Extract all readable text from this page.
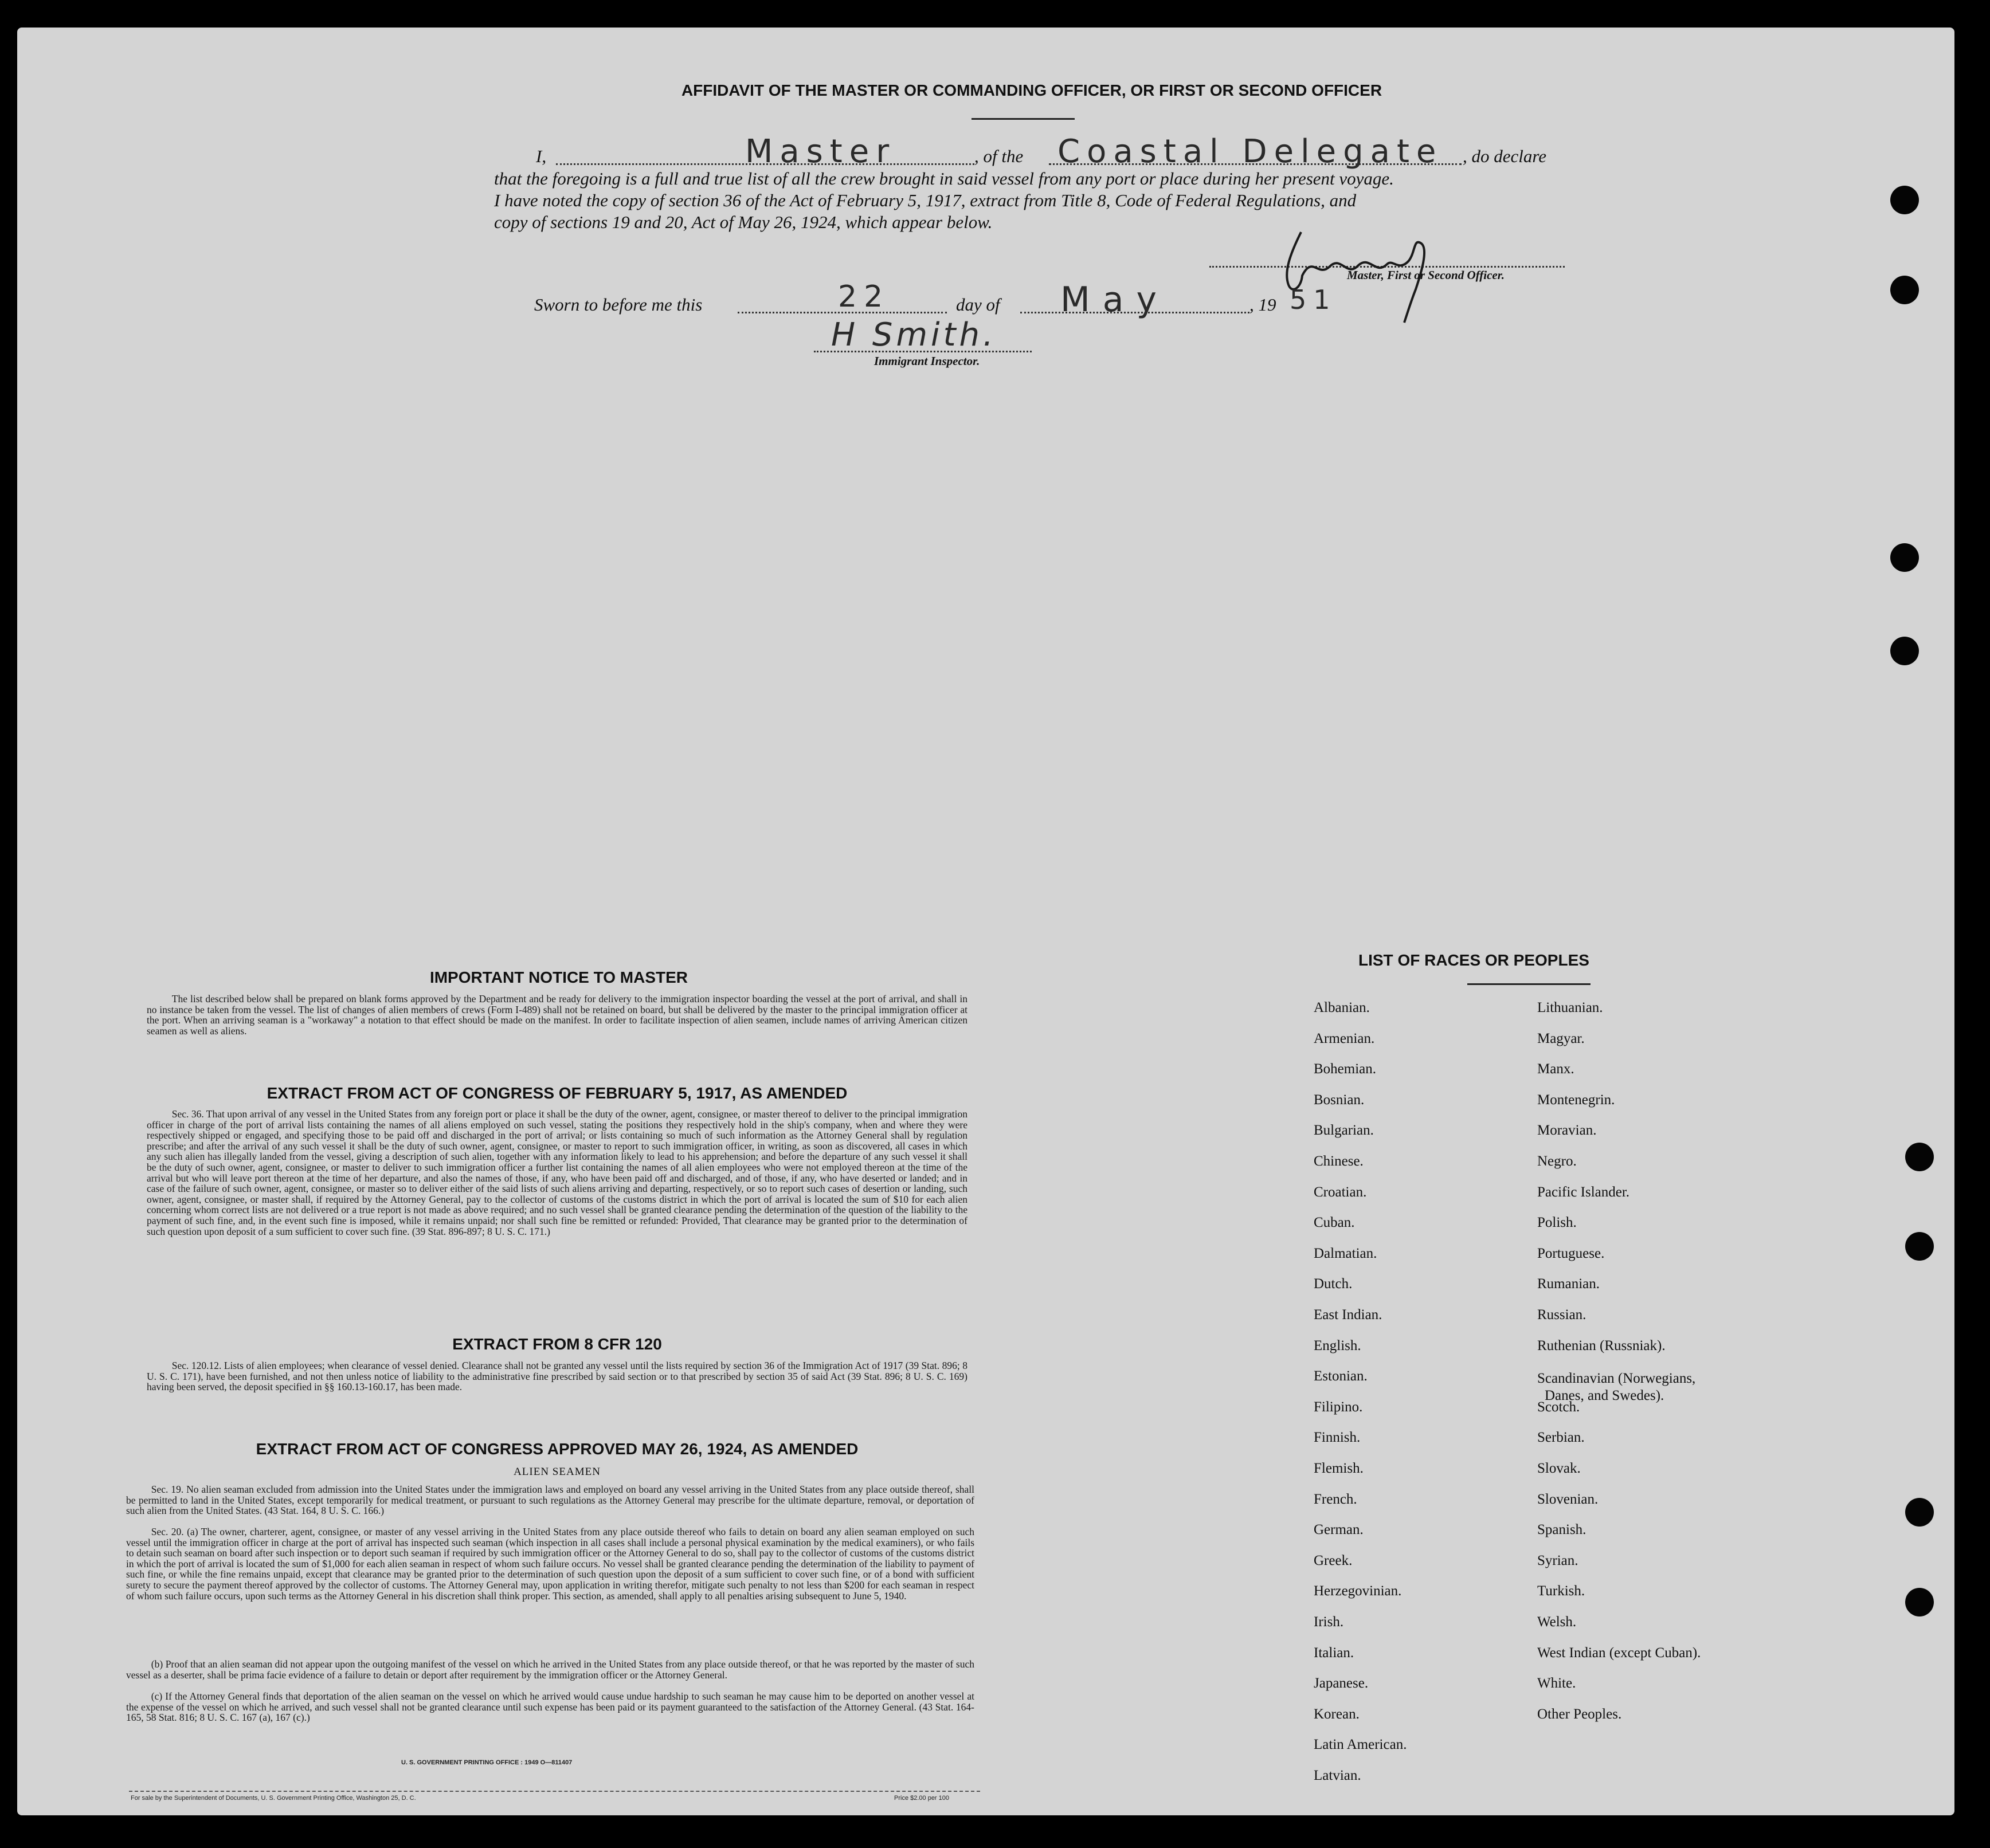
AFFIDAVIT OF THE MASTER OR COMMANDING OFFICER, OR FIRST OR SECOND OFFICER
I,	Master	, of the Coastal Delegate , do declare
that the foregoing is a full and true list of all the crew brought in said vessel from any port or place during her present voyage.
I have noted the copy of section 36 of the Act of February 5, 1917, extract from Title 8, Code of Federal Regulations, and
copy of sections 19 and 20, Act of May 26, 1924, which appear below.
Master, First or Second Officer.
Sworn to before me this	22	day of May	, 19 51
H Smith.
Immigrant Inspector.
IMPORTANT NOTICE TO MASTER
The list described below shall be prepared on blank forms approved by the Department and be ready for delivery to the immigration inspector boarding the vessel at the port of arrival, and shall in no instance be taken from the vessel. The list of changes of alien members of crews (Form I-489) shall not be retained on board, but shall be delivered by the master to the principal immigration officer at the port. When an arriving seaman is a "workaway" a notation to that effect should be made on the manifest. In order to facilitate inspection of alien seamen, include names of arriving American citizen seamen as well as aliens.
EXTRACT FROM ACT OF CONGRESS OF FEBRUARY 5, 1917, AS AMENDED
Sec. 36. That upon arrival of any vessel in the United States from any foreign port or place it shall be the duty of the owner, agent, consignee, or master thereof to deliver to the principal immigration officer in charge of the port of arrival lists containing the names of all aliens employed on such vessel, stating the positions they respectively hold in the ship's company, when and where they were respectively shipped or engaged, and specifying those to be paid off and discharged in the port of arrival; or lists containing so much of such information as the Attorney General shall by regulation prescribe; and after the arrival of any such vessel it shall be the duty of such owner, agent, consignee, or master to report to such immigration officer, in writing, as soon as discovered, all cases in which any such alien has illegally landed from the vessel, giving a description of such alien, together with any information likely to lead to his apprehension; and before the departure of any such vessel it shall be the duty of such owner, agent, consignee, or master to deliver to such immigration officer a further list containing the names of all alien employees who were not employed thereon at the time of the arrival but who will leave port thereon at the time of her departure, and also the names of those, if any, who have been paid off and discharged, and of those, if any, who have deserted or landed; and in case of the failure of such owner, agent, consignee, or master so to deliver either of the said lists of such aliens arriving and departing, respectively, or so to report such cases of desertion or landing, such owner, agent, consignee, or master shall, if required by the Attorney General, pay to the collector of customs of the customs district in which the port of arrival is located the sum of $10 for each alien concerning whom correct lists are not delivered or a true report is not made as above required; and no such vessel shall be granted clearance pending the determination of the question of the liability to the payment of such fine, and, in the event such fine is imposed, while it remains unpaid; nor shall such fine be remitted or refunded: Provided, That clearance may be granted prior to the determination of such question upon deposit of a sum sufficient to cover such fine. (39 Stat. 896-897; 8 U. S. C. 171.)
EXTRACT FROM 8 CFR 120
Sec. 120.12. Lists of alien employees; when clearance of vessel denied. Clearance shall not be granted any vessel until the lists required by section 36 of the Immigration Act of 1917 (39 Stat. 896; 8 U. S. C. 171), have been furnished, and not then unless notice of liability to the administrative fine prescribed by said section or to that prescribed by section 35 of said Act (39 Stat. 896; 8 U. S. C. 169) having been served, the deposit specified in §§ 160.13-160.17, has been made.
EXTRACT FROM ACT OF CONGRESS APPROVED MAY 26, 1924, AS AMENDED
ALIEN SEAMEN
Sec. 19. No alien seaman excluded from admission into the United States under the immigration laws and employed on board any vessel arriving in the United States from any place outside thereof, shall be permitted to land in the United States, except temporarily for medical treatment, or pursuant to such regulations as the Attorney General may prescribe for the ultimate departure, removal, or deportation of such alien from the United States. (43 Stat. 164, 8 U. S. C. 166.)
Sec. 20. (a) The owner, charterer, agent, consignee, or master of any vessel arriving in the United States from any place outside thereof who fails to detain on board any alien seaman employed on such vessel until the immigration officer in charge at the port of arrival has inspected such seaman (which inspection in all cases shall include a personal physical examination by the medical examiners), or who fails to detain such seaman on board after such inspection or to deport such seaman if required by such immigration officer or the Attorney General to do so, shall pay to the collector of customs of the customs district in which the port of arrival is located the sum of $1,000 for each alien seaman in respect of whom such failure occurs. No vessel shall be granted clearance pending the determination of the liability to payment of such fine, or while the fine remains unpaid, except that clearance may be granted prior to the determination of such question upon the deposit of a sum sufficient to cover such fine, or of a bond with sufficient surety to secure the payment thereof approved by the collector of customs. The Attorney General may, upon application in writing therefor, mitigate such penalty to not less than $200 for each seaman in respect of whom such failure occurs, upon such terms as the Attorney General in his discretion shall think proper. This section, as amended, shall apply to all penalties arising subsequent to June 5, 1940.
(b) Proof that an alien seaman did not appear upon the outgoing manifest of the vessel on which he arrived in the United States from any place outside thereof, or that he was reported by the master of such vessel as a deserter, shall be prima facie evidence of a failure to detain or deport after requirement by the immigration officer or the Attorney General.
(c) If the Attorney General finds that deportation of the alien seaman on the vessel on which he arrived would cause undue hardship to such seaman he may cause him to be deported on another vessel at the expense of the vessel on which he arrived, and such vessel shall not be granted clearance until such expense has been paid or its payment guaranteed to the satisfaction of the Attorney General. (43 Stat. 164-165, 58 Stat. 816; 8 U. S. C. 167 (a), 167 (c).)
U. S. GOVERNMENT PRINTING OFFICE : 1949 O—811407
For sale by the Superintendent of Documents, U. S. Government Printing Office, Washington 25, D. C.	Price $2.00 per 100
LIST OF RACES OR PEOPLES
Albanian.
Armenian.
Bohemian.
Bosnian.
Bulgarian.
Chinese.
Croatian.
Cuban.
Dalmatian.
Dutch.
East Indian.
English.
Estonian.
Filipino.
Finnish.
Flemish.
French.
German.
Greek.
Herzegovinian.
Irish.
Italian.
Japanese.
Korean.
Latin American.
Latvian.
Lithuanian.
Magyar.
Manx.
Montenegrin.
Moravian.
Negro.
Pacific Islander.
Polish.
Portuguese.
Rumanian.
Russian.
Ruthenian (Russniak).
Scandinavian (Norwegians,
Danes, and Swedes).
Scotch.
Serbian.
Slovak.
Slovenian.
Spanish.
Syrian.
Turkish.
Welsh.
West Indian (except Cuban).
White.
Other Peoples.
